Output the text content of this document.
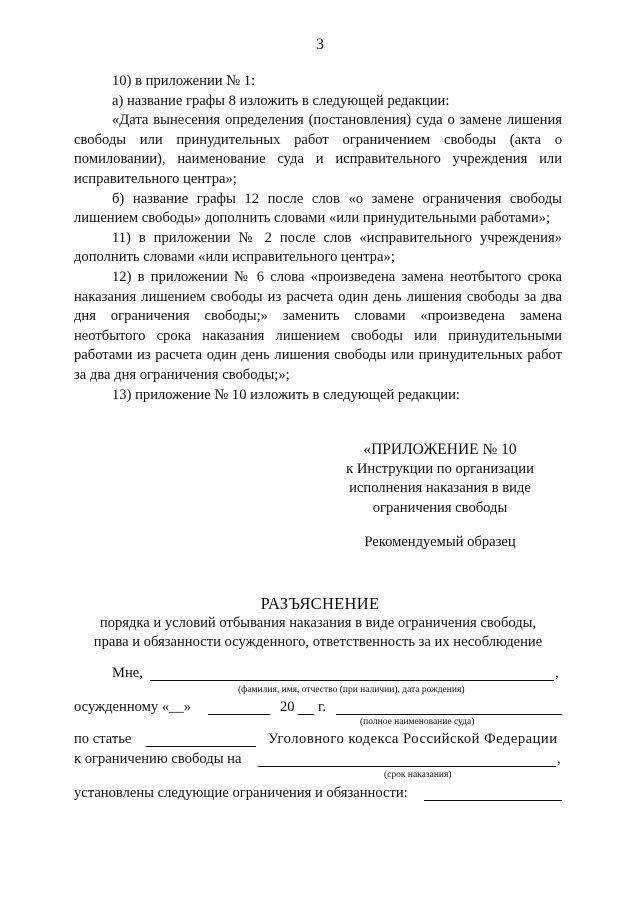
3

10) в приложении № 1:

а) название графы 8 изложить в следующей редакции:

«Дата вынесения определения (постановления) суда о замене лишения свободы или принудительных работ ограничением свободы (акта о помиловании), наименование суда и исправительного учреждения или исправительного центра»;

б) название графы 12 после слов «о замене ограничения свободы лишением свободы» дополнить словами «или принудительными работами»;

11) в приложении № 2 после слов «исправительного учреждения» дополнить словами «или исправительного центра»;

12) в приложении № 6 слова «произведена замена неотбытого срока наказания лишением свободы из расчета один день лишения свободы за два дня ограничения свободы;» заменить словами «произведена замена неотбытого срока наказания лишением свободы или принудительными работами из расчета один день лишения свободы или принудительных работ за два дня ограничения свободы;»;

13) приложение № 10 изложить в следующей редакции:

«ПРИЛОЖЕНИЕ № 10
к Инструкции по организации
исполнения наказания в виде
ограничения свободы
Рекомендуемый образец
РАЗЪЯСНЕНИЕ
порядка и условий отбывания наказания в виде ограничения свободы,
права и обязанности осужденного, ответственность за их несоблюдение
Мне,	,
(фамилия, имя, отчество (при наличии), дата рождения)
осужденному «__»	20 г.
(полное наименование суда)
по статье	Уголовного кодекса Российской Федерации
к ограничению свободы на	,
(срок наказания)
установлены следующие ограничения и обязанности:
